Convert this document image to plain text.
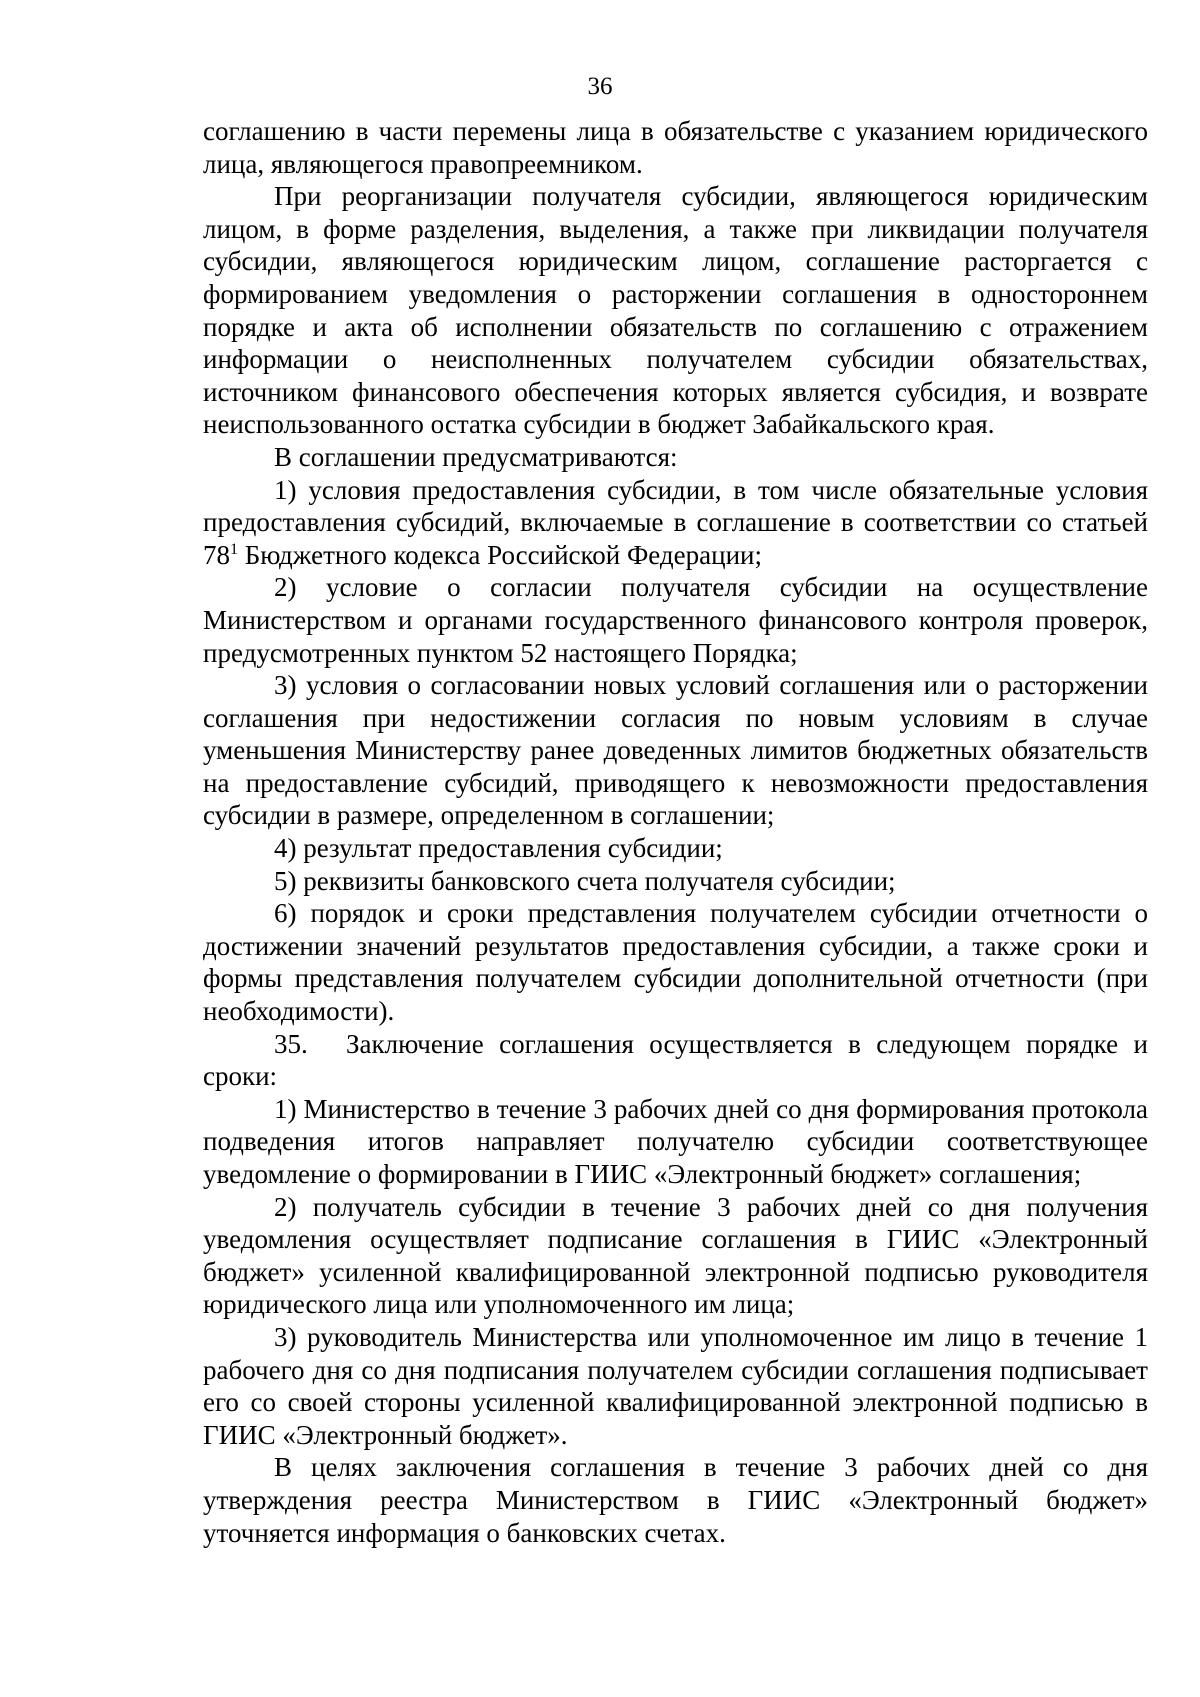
36

соглашению в части перемены лица в обязательстве с указанием юридического лица, являющегося правопреемником.

При реорганизации получателя субсидии, являющегося юридическим лицом, в форме разделения, выделения, а также при ликвидации получателя субсидии, являющегося юридическим лицом, соглашение расторгается с формированием уведомления о расторжении соглашения в одностороннем порядке и акта об исполнении обязательств по соглашению с отражением информации о неисполненных получателем субсидии обязательствах, источником финансового обеспечения которых является субсидия, и возврате неиспользованного остатка субсидии в бюджет Забайкальского края.

В соглашении предусматриваются:

1) условия предоставления субсидии, в том числе обязательные условия предоставления субсидий, включаемые в соглашение в соответствии со статьей $78^1$ Бюджетного кодекса Российской Федерации;

2) условие о согласии получателя субсидии на осуществление Министерством и органами государственного финансового контроля проверок, предусмотренных пунктом 52 настоящего Порядка;

3) условия о согласовании новых условий соглашения или о расторжении соглашения при недостижении согласия по новым условиям в случае уменьшения Министерству ранее доведенных лимитов бюджетных обязательств на предоставление субсидий, приводящего к невозможности предоставления субсидии в размере, определенном в соглашении;

4) результат предоставления субсидии;

5) реквизиты банковского счета получателя субсидии;

6) порядок и сроки представления получателем субсидии отчетности о достижении значений результатов предоставления субсидии, а также сроки и формы представления получателем субсидии дополнительной отчетности (при необходимости).

35. Заключение соглашения осуществляется в следующем порядке и сроки:

1) Министерство в течение 3 рабочих дней со дня формирования протокола подведения итогов направляет получателю субсидии соответствующее уведомление о формировании в ГИИС «Электронный бюджет» соглашения;

2) получатель субсидии в течение 3 рабочих дней со дня получения уведомления осуществляет подписание соглашения в ГИИС «Электронный бюджет» усиленной квалифицированной электронной подписью руководителя юридического лица или уполномоченного им лица;

3) руководитель Министерства или уполномоченное им лицо в течение 1 рабочего дня со дня подписания получателем субсидии соглашения подписывает его со своей стороны усиленной квалифицированной электронной подписью в ГИИС «Электронный бюджет».

В целях заключения соглашения в течение 3 рабочих дней со дня утверждения реестра Министерством в ГИИС «Электронный бюджет» уточняется информация о банковских счетах.
